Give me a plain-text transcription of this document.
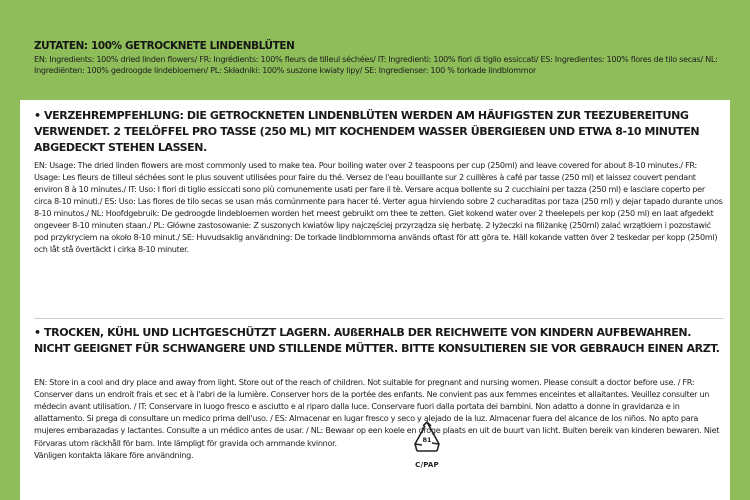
ZUTATEN: 100% GETROCKNETE LINDENBLÜTEN
EN: Ingredients: 100% dried linden flowers/ FR: Ingrédients: 100% fleurs de tilleul séchées/ IT: Ingredienti: 100% fiori di tiglio essiccati/ ES: Ingredientes: 100% flores de tilo secas/ NL: Ingrediënten: 100% gedroogde lindebloemen/ PL: Składniki: 100% suszone kwiaty lipy/ SE: Ingredienser: 100 % torkade lindblommor

• VERZEHREMPFEHLUNG: DIE GETROCKNETEN LINDENBLÜTEN WERDEN AM HÄUFIGSTEN ZUR TEEZUBEREITUNG VERWENDET. 2 TEELÖFFEL PRO TASSE (250 ML) MIT KOCHENDEM WASSER ÜBERGIEßEN UND ETWA 8-10 MINUTEN ABGEDECKT STEHEN LASSEN.

EN: Usage: The dried linden flowers are most commonly used to make tea. Pour boiling water over 2 teaspoons per cup (250ml) and leave covered for about 8-10 minutes./ FR: Usage: Les fleurs de tilleul séchées sont le plus souvent utilisées pour faire du thé. Versez de l'eau bouillante sur 2 cuillères à café par tasse (250 ml) et laissez couvert pendant environ 8 à 10 minutes./ IT: Uso: I fiori di tiglio essiccati sono più comunemente usati per fare il tè. Versare acqua bollente su 2 cucchiaini per tazza (250 ml) e lasciare coperto per circa 8-10 minuti./ ES: Uso: Las flores de tilo secas se usan más comúnmente para hacer té. Verter agua hirviendo sobre 2 cucharaditas por taza (250 ml) y dejar tapado durante unos 8-10 minutos./ NL: Hoofdgebruik: De gedroogde lindebloemen worden het meest gebruikt om thee te zetten. Giet kokend water over 2 theelepels per kop (250 ml) en laat afgedekt ongeveer 8-10 minuten staan./ PL: Główne zastosowanie: Z suszonych kwiatów lipy najczęściej przyrządza się herbatę. 2 łyżeczki na filiżankę (250ml) zalać wrzątkiem i pozostawić pod przykryciem na około 8-10 minut./ SE: Huvudsaklig användning: De torkade lindblommorna används oftast för att göra te. Häll kokande vatten över 2 teskedar per kopp (250ml) och låt stå övertäckt i cirka 8-10 minuter.

• TROCKEN, KÜHL UND LICHTGESCHÜTZT LAGERN. AUßERHALB DER REICHWEITE VON KINDERN AUFBEWAHREN. NICHT GEEIGNET FÜR SCHWANGERE UND STILLENDE MÜTTER. BITTE KONSULTIEREN SIE VOR GEBRAUCH EINEN ARZT.

EN: Store in a cool and dry place and away from light. Store out of the reach of children. Not suitable for pregnant and nursing women. Please consult a doctor before use. / FR: Conserver dans un endroit frais et sec et à l'abri de la lumière. Conserver hors de la portée des enfants. Ne convient pas aux femmes enceintes et allaitantes. Veuillez consulter un médecin avant utilisation. / IT: Conservare in luogo fresco e asciutto e al riparo dalla luce. Conservare fuori dalla portata dei bambini. Non adatto a donne in gravidanza e in allattamento. Si prega di consultare un medico prima dell'uso. / ES: Almacenar en lugar fresco y seco y alejado de la luz. Almacenar fuera del alcance de los niños. No apto para mujeres embarazadas y lactantes. Consulte a un médico antes de usar. / NL: Bewaar op een koele en droge plaats en uit de buurt van licht. Buiten bereik van kinderen bewaren. Niet

Förvaras utom räckhåll för barn. Inte lämpligt för gravida och ammande kvinnor.

Vänligen kontakta läkare före användning.

81
C/PAP
